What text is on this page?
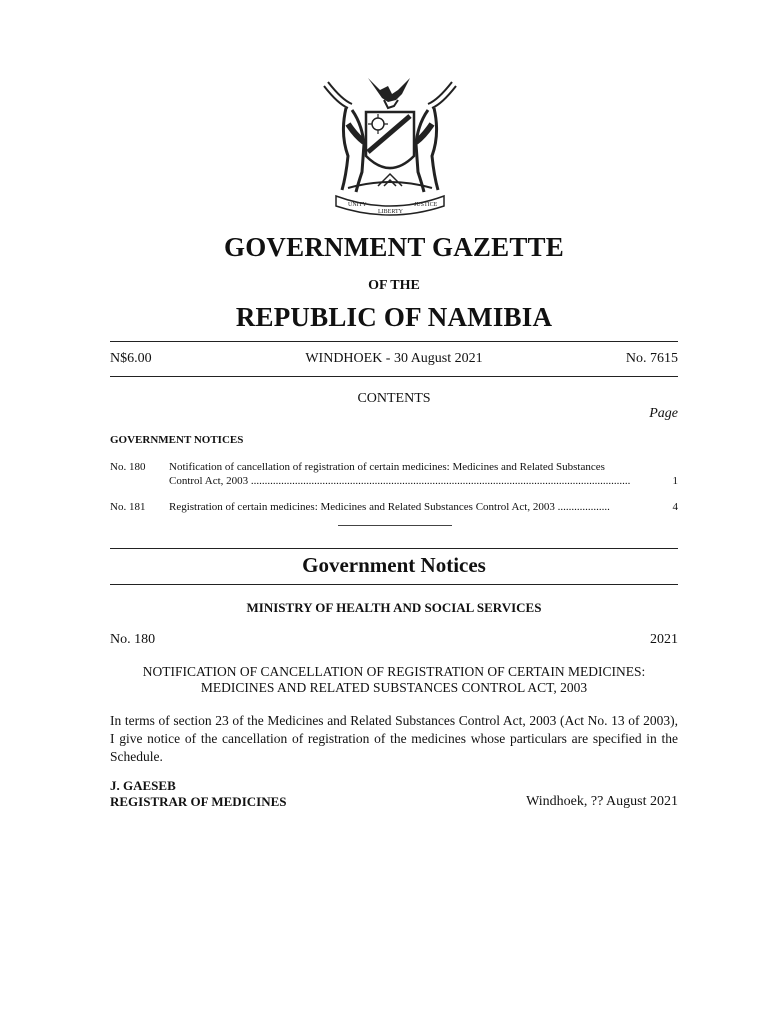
UNITY
LIBERTY
JUSTICE
GOVERNMENT GAZETTE
OF THE
REPUBLIC OF NAMIBIA
N$6.00	WINDHOEK - 30 August 2021	No. 7615
CONTENTS
Page
GOVERNMENT NOTICES
No. 180 Notification of cancellation of registration of certain medicines: Medicines and Related Substances
Control Act, 2003 ..........................................................................................................................................	1
No. 181 Registration of certain medicines: Medicines and Related Substances Control Act, 2003 ...................	4
Government Notices
MINISTRY OF HEALTH AND SOCIAL SERVICES
No. 180	2021
NOTIFICATION OF CANCELLATION OF REGISTRATION OF CERTAIN MEDICINES:
MEDICINES AND RELATED SUBSTANCES CONTROL ACT, 2003
In terms of section 23 of the Medicines and Related Substances Control Act, 2003 (Act No. 13 of 2003), I give notice of the cancellation of registration of the medicines whose particulars are specified in the Schedule.
J. GAESEB
REGISTRAR OF MEDICINES	Windhoek, ?? August 2021
